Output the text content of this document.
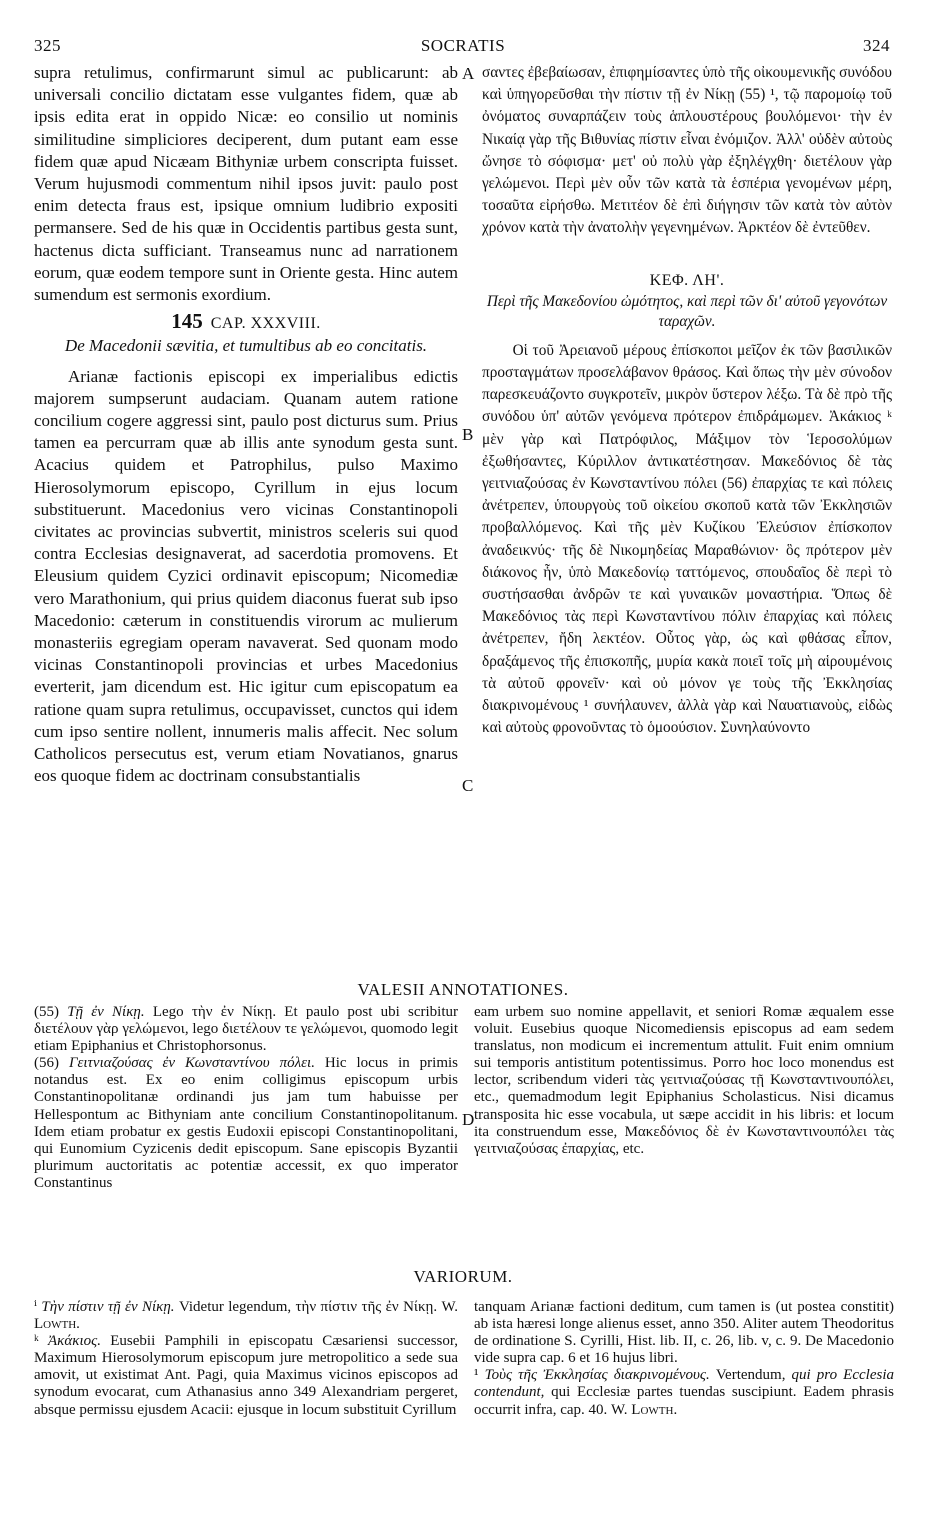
325	SOCRATIS	324
A
B
C
D

supra retulimus, confirmarunt simul ac publicarunt: ab universali concilio dictatam esse vulgantes fidem, quæ ab ipsis edita erat in oppido Nicæ: eo consilio ut nominis similitudine simpliciores deciperent, dum putant eam esse fidem quæ apud Nicæam Bithyniæ urbem conscripta fuisset. Verum hujusmodi commentum nihil ipsos juvit: paulo post enim detecta fraus est, ipsique omnium ludibrio expositi permansere. Sed de his quæ in Occidentis partibus gesta sunt, hactenus dicta sufficiant. Transeamus nunc ad narrationem eorum, quæ eodem tempore sunt in Oriente gesta. Hinc autem sumendum est sermonis exordium.

145 CAP. XXXVIII.

De Macedonii sævitia, et tumultibus ab eo concitatis.

Arianæ factionis episcopi ex imperialibus edictis majorem sumpserunt audaciam. Quanam autem ratione concilium cogere aggressi sint, paulo post dicturus sum. Prius tamen ea percurram quæ ab illis ante synodum gesta sunt. Acacius quidem et Patrophilus, pulso Maximo Hierosolymorum episcopo, Cyrillum in ejus locum substituerunt. Macedonius vero vicinas Constantinopoli civitates ac provincias subvertit, ministros sceleris sui quod contra Ecclesias designaverat, ad sacerdotia promovens. Et Eleusium quidem Cyzici ordinavit episcopum; Nicomediæ vero Marathonium, qui prius quidem diaconus fuerat sub ipso Macedonio: cæterum in constituendis virorum ac mulierum monasteriis egregiam operam navaverat. Sed quonam modo vicinas Constantinopoli provincias et urbes Macedonius everterit, jam dicendum est. Hic igitur cum episcopatum ea ratione quam supra retulimus, occupavisset, cunctos qui idem cum ipso sentire nollent, innumeris malis affecit. Nec solum Catholicos persecutus est, verum etiam Novatianos, gnarus eos quoque fidem ac doctrinam consubstantialis

σαντες ἐβεβαίωσαν, ἐπιφημίσαντες ὑπὸ τῆς οἰκουμενικῆς συνόδου καὶ ὑπηγορεῦσθαι τὴν πίστιν τῇ ἐν Νίκῃ (55) ¹, τῷ παρομοίῳ τοῦ ὀνόματος συναρπάζειν τοὺς ἁπλουστέρους βουλόμενοι· τὴν ἐν Νικαίᾳ γὰρ τῆς Βιθυνίας πίστιν εἶναι ἐνόμιζον. Ἀλλ' οὐδὲν αὐτοὺς ὤνησε τὸ σόφισμα· μετ' οὐ πολὺ γὰρ ἐξηλέγχθη· διετέλουν γὰρ γελώμενοι. Περὶ μὲν οὖν τῶν κατὰ τὰ ἑσπέρια γενομένων μέρη, τοσαῦτα εἰρήσθω. Μετιτέον δὲ ἐπὶ διήγησιν τῶν κατὰ τὸν αὐτὸν χρόνον κατὰ τὴν ἀνατολὴν γεγενημένων. Ἀρκτέον δὲ ἐντεῦθεν.

ΚΕΦ. ΛΗ'.

Περὶ τῆς Μακεδονίου ὠμότητος, καὶ περὶ τῶν δι' αὐτοῦ γεγονότων ταραχῶν.

Οἱ τοῦ Ἀρειανοῦ μέρους ἐπίσκοποι μεῖζον ἐκ τῶν βασιλικῶν προσταγμάτων προσελάβανον θράσος. Καὶ ὅπως τὴν μὲν σύνοδον παρεσκευάζοντο συγκροτεῖν, μικρὸν ὕστερον λέξω. Τὰ δὲ πρὸ τῆς συνόδου ὑπ' αὐτῶν γενόμενα πρότερον ἐπιδράμωμεν. Ἀκάκιος ᵏ μὲν γὰρ καὶ Πατρόφιλος, Μάξιμον τὸν Ἱεροσολύμων ἐξωθήσαντες, Κύριλλον ἀντικατέστησαν. Μακεδόνιος δὲ τὰς γειτνιαζούσας ἐν Κωνσταντίνου πόλει (56) ἐπαρχίας τε καὶ πόλεις ἀνέτρεπεν, ὑπουργοὺς τοῦ οἰκείου σκοποῦ κατὰ τῶν Ἐκκλησιῶν προβαλλόμενος. Καὶ τῆς μὲν Κυζίκου Ἐλεύσιον ἐπίσκοπον ἀναδεικνύς· τῆς δὲ Νικομηδείας Μαραθώνιον· ὃς πρότερον μὲν διάκονος ἦν, ὑπὸ Μακεδονίῳ ταττόμενος, σπουδαῖος δὲ περὶ τὸ συστήσασθαι ἀνδρῶν τε καὶ γυναικῶν μοναστήρια. Ὅπως δὲ Μακεδόνιος τὰς περὶ Κωνσταντίνου πόλιν ἐπαρχίας καὶ πόλεις ἀνέτρεπεν, ἤδη λεκτέον. Οὗτος γὰρ, ὡς καὶ φθάσας εἶπον, δραξάμενος τῆς ἐπισκοπῆς, μυρία κακὰ ποιεῖ τοῖς μὴ αἱρουμένοις τὰ αὐτοῦ φρονεῖν· καὶ οὐ μόνον γε τοὺς τῆς Ἐκκλησίας διακρινομένους ¹ συνήλαυνεν, ἀλλὰ γὰρ καὶ Ναυατιανοὺς, εἰδὼς καὶ αὐτοὺς φρονοῦντας τὸ ὁμοούσιον. Συνηλαύνοντο

VALESII ANNOTATIONES.

(55) Τῇ ἐν Νίκῃ. Lego τὴν ἐν Νίκῃ. Et paulo post ubi scribitur διετέλουν γὰρ γελώμενοι, lego διετέλουν τε γελώμενοι, quomodo legit etiam Epiphanius et Christophorsonus.

(56) Γειτνιαζούσας ἐν Κωνσταντίνου πόλει. Hic locus in primis notandus est. Ex eo enim colligimus episcopum urbis Constantinopolitanæ ordinandi jus jam tum habuisse per Hellespontum ac Bithyniam ante concilium Constantinopolitanum. Idem etiam probatur ex gestis Eudoxii episcopi Constantinopolitani, qui Eunomium Cyzicenis dedit episcopum. Sane episcopis Byzantii plurimum auctoritatis ac potentiæ accessit, ex quo imperator Constantinus

eam urbem suo nomine appellavit, et seniori Romæ æqualem esse voluit. Eusebius quoque Nicomediensis episcopus ad eam sedem translatus, non modicum ei incrementum attulit. Fuit enim omnium sui temporis antistitum potentissimus. Porro hoc loco monendus est lector, scribendum videri τὰς γειτνιαζούσας τῇ Κωνσταντινουπόλει, etc., quemadmodum legit Epiphanius Scholasticus. Nisi dicamus transposita hic esse vocabula, ut sæpe accidit in his libris: et locum ita construendum esse, Μακεδόνιος δὲ ἐν Κωνσταντινουπόλει τὰς γειτνιαζούσας ἐπαρχίας, etc.

VARIORUM.

ⁱ Τὴν πίστιν τῇ ἐν Νίκῃ. Videtur legendum, τὴν πίστιν τῆς ἐν Νίκῃ. W. Lowth.

ᵏ Ἀκάκιος. Eusebii Pamphili in episcopatu Cæsariensi successor, Maximum Hierosolymorum episcopum jure metropolitico a sede sua amovit, ut existimat Ant. Pagi, quia Maximus vicinos episcopos ad synodum evocarat, cum Athanasius anno 349 Alexandriam pergeret, absque permissu ejusdem Acacii: ejusque in locum substituit Cyrillum

tanquam Arianæ factioni deditum, cum tamen is (ut postea constitit) ab ista hæresi longe alienus esset, anno 350. Aliter autem Theodoritus de ordinatione S. Cyrilli, Hist. lib. II, c. 26, lib. v, c. 9. De Macedonio vide supra cap. 6 et 16 hujus libri.

¹ Τοὺς τῆς Ἐκκλησίας διακρινομένους. Vertendum, qui pro Ecclesia contendunt, qui Ecclesiæ partes tuendas suscipiunt. Eadem phrasis occurrit infra, cap. 40. W. Lowth.
